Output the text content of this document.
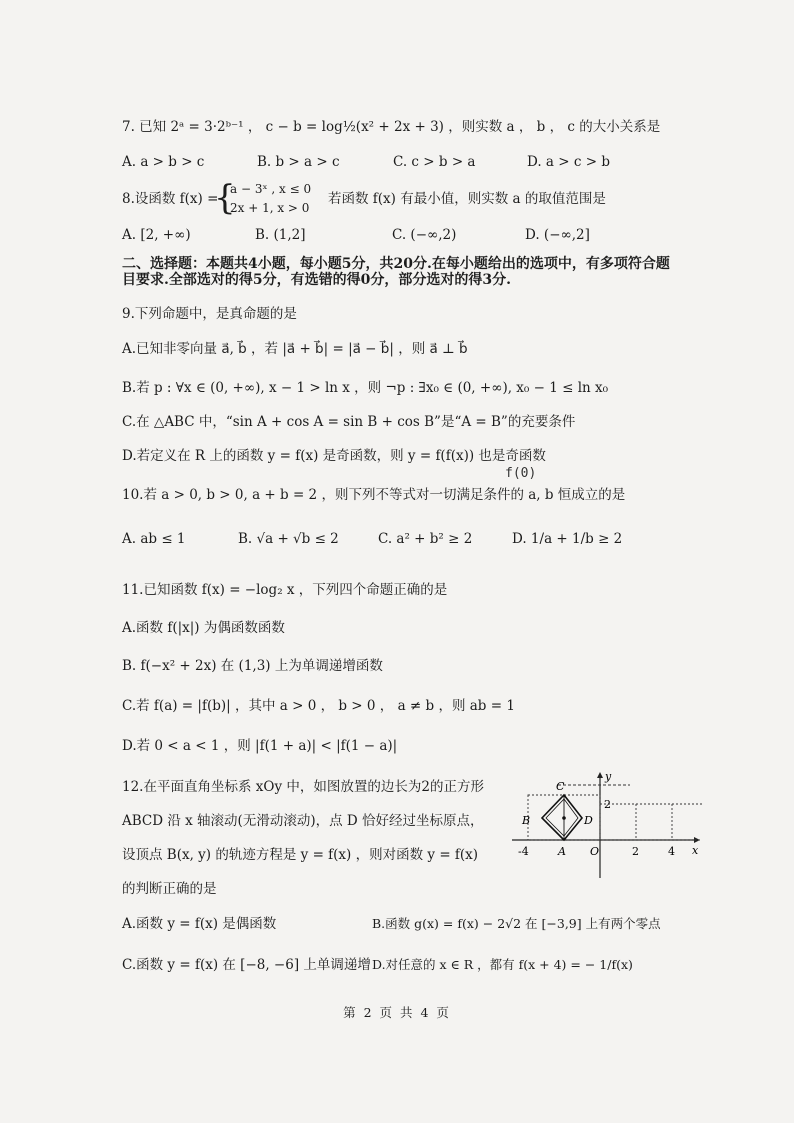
7. 已知 2ᵃ = 3·2ᵇ⁻¹ ， c − b = log½(x² + 2x + 3) ，则实数 a ， b ， c 的大小关系是
A. a > b > c	B. b > a > c	C. c > b > a	D. a > c > b
8.设函数 f(x) =
{
a − 3ˣ , x ≤ 0
2x + 1, x > 0
若函数 f(x) 有最小值，则实数 a 的取值范围是
A. [2, +∞)	B. (1,2]	C. (−∞,2)	D. (−∞,2]
二、选择题：本题共4小题，每小题5分，共20分.在每小题给出的选项中，有多项符合题
目要求.全部选对的得5分，有选错的得0分，部分选对的得3分.
9.下列命题中，是真命题的是
A.已知非零向量 a⃗, b⃗ ，若 |a⃗ + b⃗| = |a⃗ − b⃗| ，则 a⃗ ⊥ b⃗
B.若 p : ∀x ∈ (0, +∞), x − 1 > ln x ，则 ¬p : ∃x₀ ∈ (0, +∞), x₀ − 1 ≤ ln x₀
C.在 △ABC 中，“sin A + cos A = sin B + cos B”是“A = B”的充要条件
D.若定义在 R 上的函数 y = f(x) 是奇函数，则 y = f(f(x)) 也是奇函数
f(0)
10.若 a > 0, b > 0, a + b = 2 ，则下列不等式对一切满足条件的 a, b 恒成立的是
A. ab ≤ 1	B. √a + √b ≤ 2	C. a² + b² ≥ 2	D. 1/a + 1/b ≥ 2
11.已知函数 f(x) = −log₂ x ，下列四个命题正确的是
A.函数 f(|x|) 为偶函数函数
B. f(−x² + 2x) 在 (1,3) 上为单调递增函数
C.若 f(a) = |f(b)| ，其中 a > 0 ， b > 0 ， a ≠ b ，则 ab = 1
D.若 0 < a < 1 ，则 |f(1 + a)| < |f(1 − a)|
12.在平面直角坐标系 xOy 中，如图放置的边长为2的正方形
ABCD 沿 x 轴滚动(无滑动滚动)，点 D 恰好经过坐标原点，
设顶点 B(x, y) 的轨迹方程是 y = f(x) ，则对函数 y = f(x)
的判断正确的是
A.函数 y = f(x) 是偶函数	B.函数 g(x) = f(x) − 2√2 在 [−3,9] 上有两个零点
C.函数 y = f(x) 在 [−8, −6] 上单调递增 D.对任意的 x ∈ R ，都有 f(x + 4) = − 1/f(x)
C
B	D
A O	x
y
-4	2	4
2
第 2 页 共 4 页
